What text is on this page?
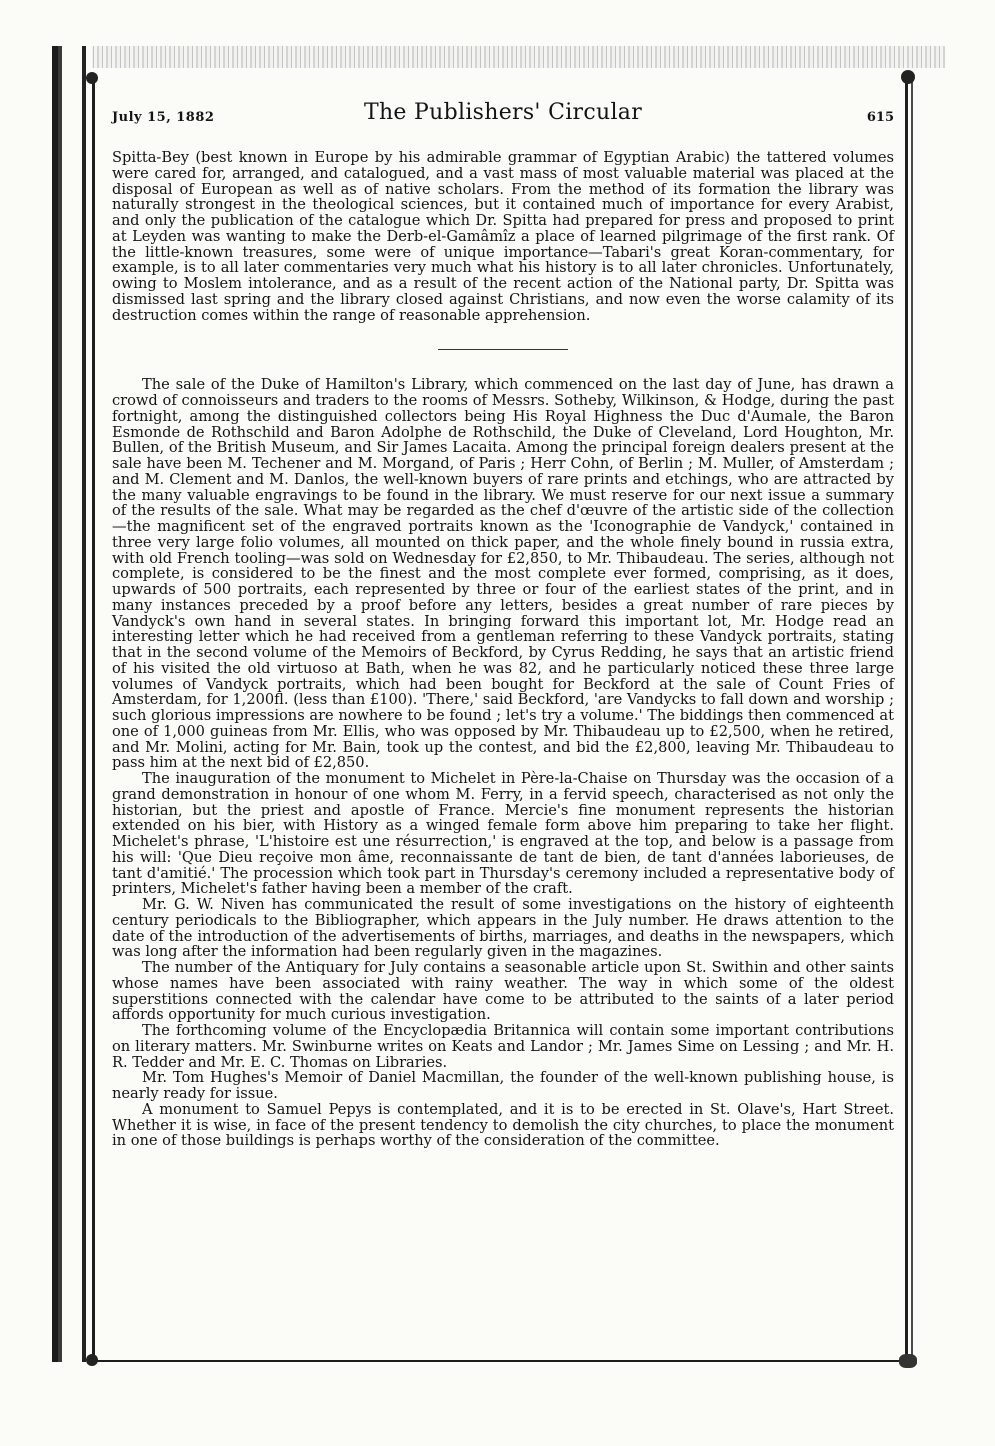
July 15, 1882	The Publishers' Circular	615

Spitta-Bey (best known in Europe by his admirable grammar of Egyptian Arabic) the tattered volumes were cared for, arranged, and catalogued, and a vast mass of most valuable material was placed at the disposal of European as well as of native scholars. From the method of its formation the library was naturally strongest in the theological sciences, but it contained much of importance for every Arabist, and only the publication of the catalogue which Dr. Spitta had prepared for press and proposed to print at Leyden was wanting to make the Derb-el-Gamâmîz a place of learned pilgrimage of the first rank. Of the little-known treasures, some were of unique importance—Tabari's great Koran-commentary, for example, is to all later commentaries very much what his history is to all later chronicles. Unfortunately, owing to Moslem intolerance, and as a result of the recent action of the National party, Dr. Spitta was dismissed last spring and the library closed against Christians, and now even the worse calamity of its destruction comes within the range of reasonable apprehension.

The sale of the Duke of Hamilton's Library, which commenced on the last day of June, has drawn a crowd of connoisseurs and traders to the rooms of Messrs. Sotheby, Wilkinson, & Hodge, during the past fortnight, among the distinguished collectors being His Royal Highness the Duc d'Aumale, the Baron Esmonde de Rothschild and Baron Adolphe de Rothschild, the Duke of Cleveland, Lord Houghton, Mr. Bullen, of the British Museum, and Sir James Lacaita. Among the principal foreign dealers present at the sale have been M. Techener and M. Morgand, of Paris ; Herr Cohn, of Berlin ; M. Muller, of Amsterdam ; and M. Clement and M. Danlos, the well-known buyers of rare prints and etchings, who are attracted by the many valuable engravings to be found in the library. We must reserve for our next issue a summary of the results of the sale. What may be regarded as the chef d'œuvre of the artistic side of the collection—the magnificent set of the engraved portraits known as the 'Iconographie de Vandyck,' contained in three very large folio volumes, all mounted on thick paper, and the whole finely bound in russia extra, with old French tooling—was sold on Wednesday for £2,850, to Mr. Thibaudeau. The series, although not complete, is considered to be the finest and the most complete ever formed, comprising, as it does, upwards of 500 portraits, each represented by three or four of the earliest states of the print, and in many instances preceded by a proof before any letters, besides a great number of rare pieces by Vandyck's own hand in several states. In bringing forward this important lot, Mr. Hodge read an interesting letter which he had received from a gentleman referring to these Vandyck portraits, stating that in the second volume of the Memoirs of Beckford, by Cyrus Redding, he says that an artistic friend of his visited the old virtuoso at Bath, when he was 82, and he particularly noticed these three large volumes of Vandyck portraits, which had been bought for Beckford at the sale of Count Fries of Amsterdam, for 1,200fl. (less than £100). 'There,' said Beckford, 'are Vandycks to fall down and worship ; such glorious impressions are nowhere to be found ; let's try a volume.' The biddings then commenced at one of 1,000 guineas from Mr. Ellis, who was opposed by Mr. Thibaudeau up to £2,500, when he retired, and Mr. Molini, acting for Mr. Bain, took up the contest, and bid the £2,800, leaving Mr. Thibaudeau to pass him at the next bid of £2,850.

The inauguration of the monument to Michelet in Père-la-Chaise on Thursday was the occasion of a grand demonstration in honour of one whom M. Ferry, in a fervid speech, characterised as not only the historian, but the priest and apostle of France. Mercie's fine monument represents the historian extended on his bier, with History as a winged female form above him preparing to take her flight. Michelet's phrase, 'L'histoire est une résurrection,' is engraved at the top, and below is a passage from his will: 'Que Dieu reçoive mon âme, reconnaissante de tant de bien, de tant d'années laborieuses, de tant d'amitié.' The procession which took part in Thursday's ceremony included a representative body of printers, Michelet's father having been a member of the craft.

Mr. G. W. Niven has communicated the result of some investigations on the history of eighteenth century periodicals to the Bibliographer, which appears in the July number. He draws attention to the date of the introduction of the advertisements of births, marriages, and deaths in the newspapers, which was long after the information had been regularly given in the magazines.

The number of the Antiquary for July contains a seasonable article upon St. Swithin and other saints whose names have been associated with rainy weather. The way in which some of the oldest superstitions connected with the calendar have come to be attributed to the saints of a later period affords opportunity for much curious investigation.

The forthcoming volume of the Encyclopædia Britannica will contain some important contributions on literary matters. Mr. Swinburne writes on Keats and Landor ; Mr. James Sime on Lessing ; and Mr. H. R. Tedder and Mr. E. C. Thomas on Libraries.

Mr. Tom Hughes's Memoir of Daniel Macmillan, the founder of the well-known publishing house, is nearly ready for issue.

A monument to Samuel Pepys is contemplated, and it is to be erected in St. Olave's, Hart Street. Whether it is wise, in face of the present tendency to demolish the city churches, to place the monument in one of those buildings is perhaps worthy of the consideration of the committee.
